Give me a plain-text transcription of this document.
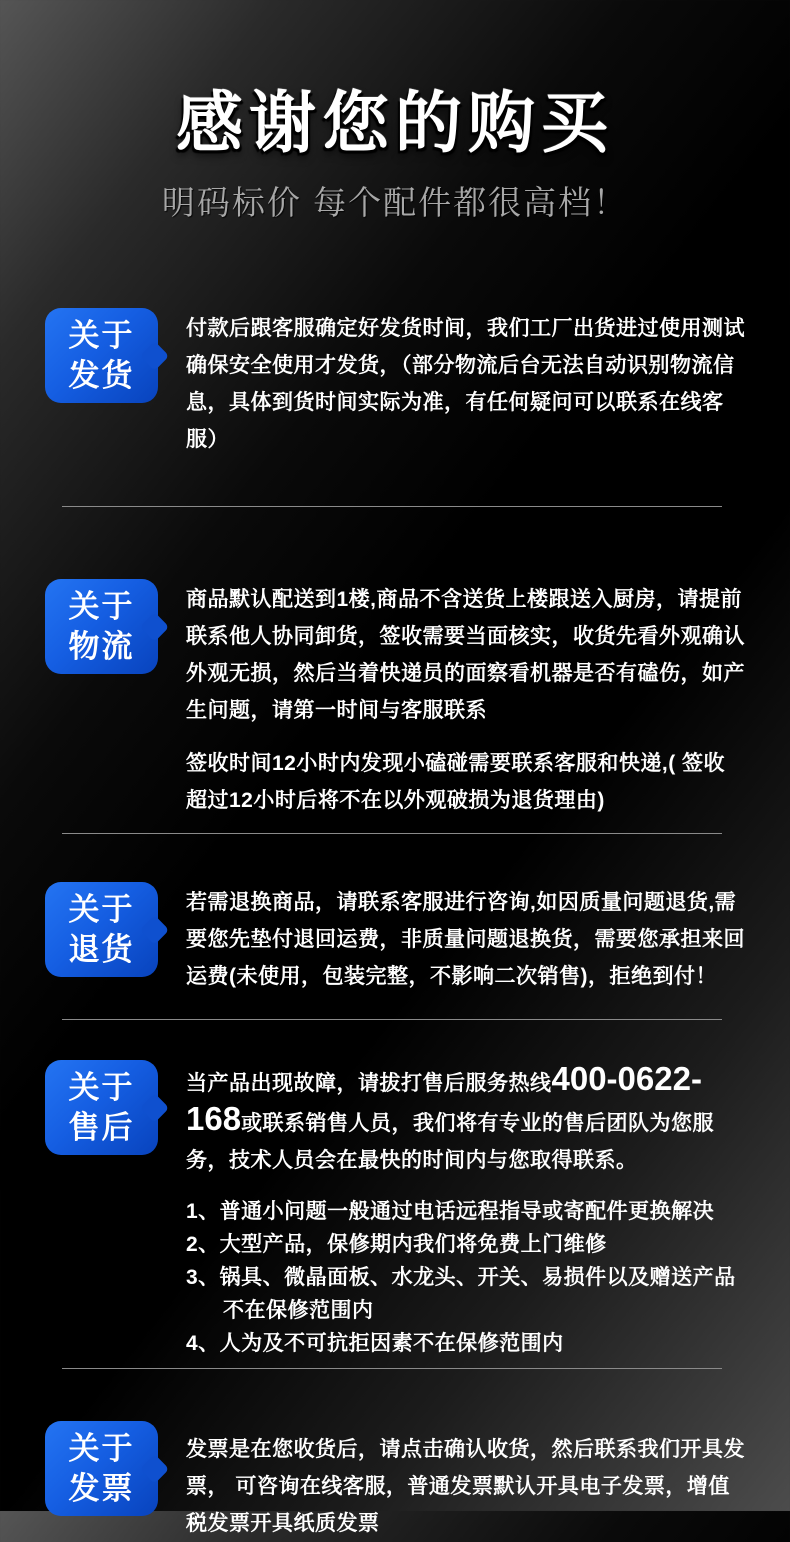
感谢您的购买
明码标价 每个配件都很高档！
关于
发货

付款后跟客服确定好发货时间，我们工厂出货进过使用测试确保安全使用才发货，（部分物流后台无法自动识别物流信息，具体到货时间实际为准，有任何疑问可以联系在线客服）

关于
物流

商品默认配送到1楼,商品不含送货上楼跟送入厨房，请提前联系他人协同卸货，签收需要当面核实，收货先看外观确认外观无损，然后当着快递员的面察看机器是否有磕伤，如产生问题，请第一时间与客服联系

签收时间12小时内发现小磕碰需要联系客服和快递,( 签收超过12小时后将不在以外观破损为退货理由)

关于
退货

若需退换商品，请联系客服进行咨询,如因质量问题退货,需要您先垫付退回运费，非质量问题退换货，需要您承担来回运费(未使用，包装完整，不影响二次销售)，拒绝到付！

关于
售后

当产品出现故障，请拔打售后服务热线400-0622-168或联系销售人员，我们将有专业的售后团队为您服务，技术人员会在最快的时间内与您取得联系。

1、普通小问题一般通过电话远程指导或寄配件更换解决
2、大型产品，保修期内我们将免费上门维修
3、锅具、微晶面板、水龙头、开关、易损件以及赠送产品不在保修范围内
4、人为及不可抗拒因素不在保修范围内
关于
发票

发票是在您收货后，请点击确认收货，然后联系我们开具发票， 可咨询在线客服，普通发票默认开具电子发票，增值税发票开具纸质发票
